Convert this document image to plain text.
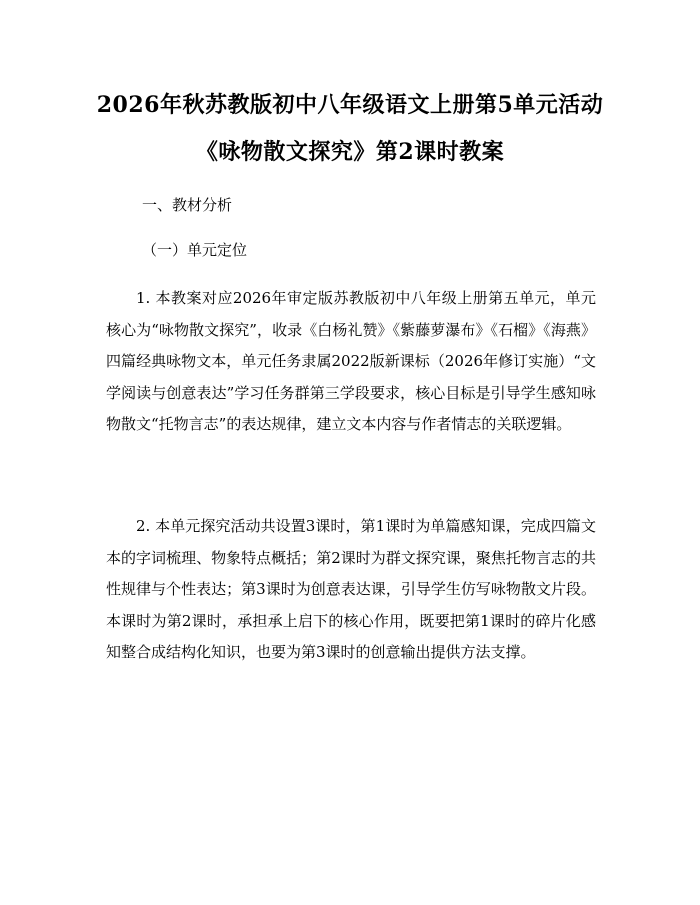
2026年秋苏教版初中八年级语文上册第5单元活动《咏物散文探究》第2课时教案

一、教材分析

（一）单元定位

1. 本教案对应2026年审定版苏教版初中八年级上册第五单元，单元核心为“咏物散文探究”，收录《白杨礼赞》《紫藤萝瀑布》《石榴》《海燕》四篇经典咏物文本，单元任务隶属2022版新课标（2026年修订实施）“文学阅读与创意表达”学习任务群第三学段要求，核心目标是引导学生感知咏物散文“托物言志”的表达规律，建立文本内容与作者情志的关联逻辑。

2. 本单元探究活动共设置3课时，第1课时为单篇感知课，完成四篇文本的字词梳理、物象特点概括；第2课时为群文探究课，聚焦托物言志的共性规律与个性表达；第3课时为创意表达课，引导学生仿写咏物散文片段。本课时为第2课时，承担承上启下的核心作用，既要把第1课时的碎片化感知整合成结构化知识，也要为第3课时的创意输出提供方法支撑。
